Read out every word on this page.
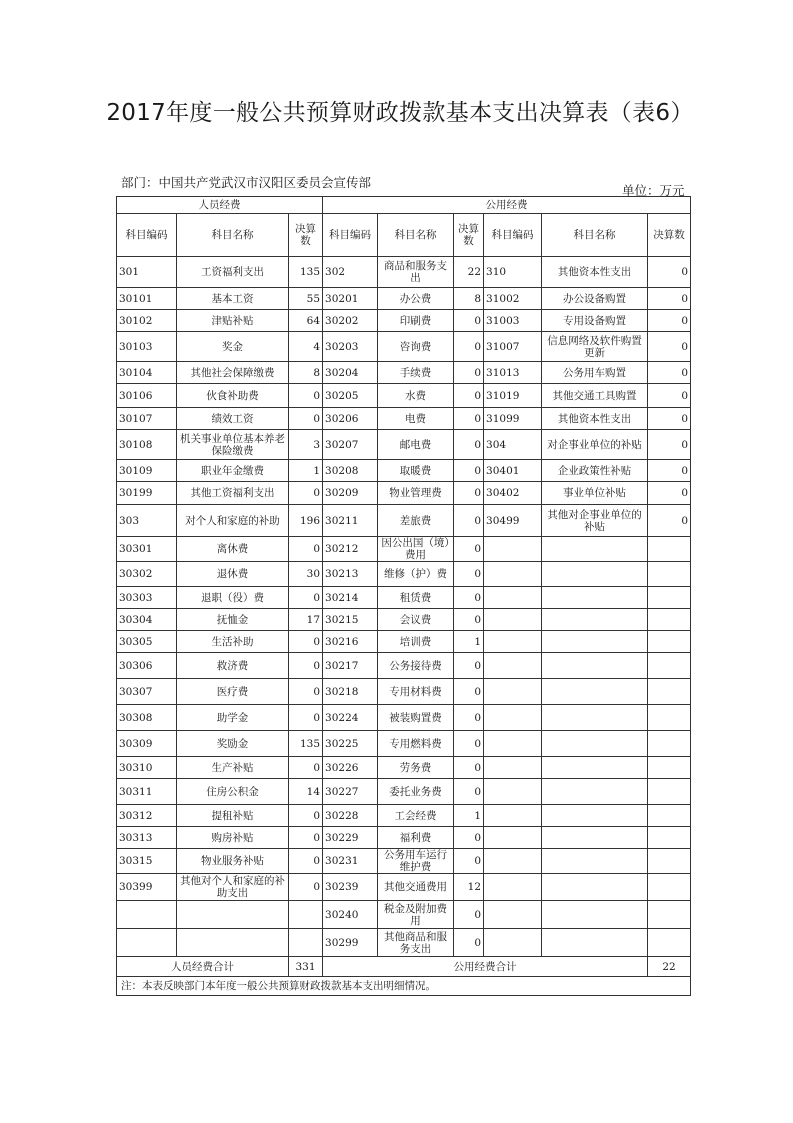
2017年度一般公共预算财政拨款基本支出决算表（表6）
部门：中国共产党武汉市汉阳区委员会宣传部
单位：万元
人员经费			公用经费					
科目编码	科目名称	决算数	科目编码	科目名称	决算数	科目编码	科目名称	决算数
301	工资福利支出	135	302	商品和服务支出	22	310	其他资本性支出	0
30101	基本工资	55	30201	办公费	8	31002	办公设备购置	0
30102	津贴补贴	64	30202	印刷费	0	31003	专用设备购置	0
30103	奖金	4	30203	咨询费	0	31007	信息网络及软件购置更新	0
30104	其他社会保障缴费	8	30204	手续费	0	31013	公务用车购置	0
30106	伙食补助费	0	30205	水费	0	31019	其他交通工具购置	0
30107	绩效工资	0	30206	电费	0	31099	其他资本性支出	0
30108	机关事业单位基本养老保险缴费	3	30207	邮电费	0	304	对企事业单位的补贴	0
30109	职业年金缴费	1	30208	取暖费	0	30401	企业政策性补贴	0
30199	其他工资福利支出	0	30209	物业管理费	0	30402	事业单位补贴	0
303	对个人和家庭的补助	196	30211	差旅费	0	30499	其他对企事业单位的补贴	0
30301	离休费	0	30212	因公出国（境）费用	0			
30302	退休费	30	30213	维修（护）费	0			
30303	退职（役）费	0	30214	租赁费	0			
30304	抚恤金	17	30215	会议费	0			
30305	生活补助	0	30216	培训费	1			
30306	救济费	0	30217	公务接待费	0			
30307	医疗费	0	30218	专用材料费	0			
30308	助学金	0	30224	被装购置费	0			
30309	奖励金	135	30225	专用燃料费	0			
30310	生产补贴	0	30226	劳务费	0			
30311	住房公积金	14	30227	委托业务费	0			
30312	提租补贴	0	30228	工会经费	1			
30313	购房补贴	0	30229	福利费	0			
30315	物业服务补贴	0	30231	公务用车运行维护费	0			
30399	其他对个人和家庭的补助支出	0	30239	其他交通费用	12			
			30240	税金及附加费用	0			
			30299	其他商品和服务支出	0			
人员经费合计		331	公用经费合计					22
注：本表反映部门本年度一般公共预算财政拨款基本支出明细情况。								
